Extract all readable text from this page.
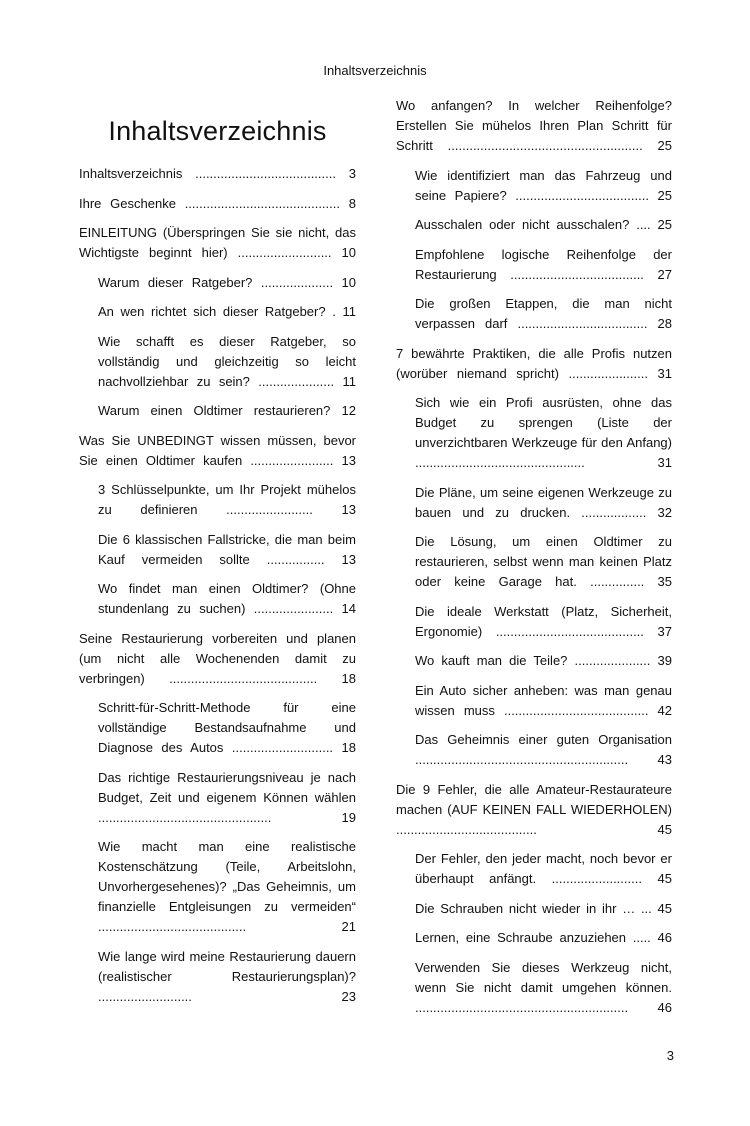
Inhaltsverzeichnis
Inhaltsverzeichnis

Inhaltsverzeichnis ....................................... 3

Ihre Geschenke ........................................... 8

EINLEITUNG (Überspringen Sie sie nicht, das Wichtigste beginnt hier) .......................... 10

Warum dieser Ratgeber? .................... 10

An wen richtet sich dieser Ratgeber? . 11

Wie schafft es dieser Ratgeber, so vollständig und gleichzeitig so leicht nachvollziehbar zu sein? ..................... 11

Warum einen Oldtimer restaurieren? 12

Was Sie UNBEDINGT wissen müssen, bevor Sie einen Oldtimer kaufen ....................... 13

3 Schlüsselpunkte, um Ihr Projekt mühelos zu definieren ........................ 13

Die 6 klassischen Fallstricke, die man beim Kauf vermeiden sollte ................ 13

Wo findet man einen Oldtimer? (Ohne stundenlang zu suchen) ...................... 14

Seine Restaurierung vorbereiten und planen (um nicht alle Wochenenden damit zu verbringen) ......................................... 18

Schritt-für-Schritt-Methode für eine vollständige Bestandsaufnahme und Diagnose des Autos ............................ 18

Das richtige Restaurierungsniveau je nach Budget, Zeit und eigenem Können wählen ................................................ 19

Wie macht man eine realistische Kostenschätzung (Teile, Arbeitslohn, Unvorhergesehenes)? „Das Geheimnis, um finanzielle Entgleisungen zu vermeiden“ ......................................... 21

Wie lange wird meine Restaurierung dauern (realistischer Restaurierungsplan)? .......................... 23

Wo anfangen? In welcher Reihenfolge? Erstellen Sie mühelos Ihren Plan Schritt für Schritt ...................................................... 25

Wie identifiziert man das Fahrzeug und seine Papiere? ..................................... 25

Ausschalen oder nicht ausschalen? .... 25

Empfohlene logische Reihenfolge der Restaurierung ..................................... 27

Die großen Etappen, die man nicht verpassen darf .................................... 28

7 bewährte Praktiken, die alle Profis nutzen (worüber niemand spricht) ...................... 31

Sich wie ein Profi ausrüsten, ohne das Budget zu sprengen (Liste der unverzichtbaren Werkzeuge für den Anfang) ............................................... 31

Die Pläne, um seine eigenen Werkzeuge zu bauen und zu drucken. .................. 32

Die Lösung, um einen Oldtimer zu restaurieren, selbst wenn man keinen Platz oder keine Garage hat. ............... 35

Die ideale Werkstatt (Platz, Sicherheit, Ergonomie) ......................................... 37

Wo kauft man die Teile? ..................... 39

Ein Auto sicher anheben: was man genau wissen muss ........................................ 42

Das Geheimnis einer guten Organisation ........................................................... 43

Die 9 Fehler, die alle Amateur-Restaurateure machen (AUF KEINEN FALL WIEDERHOLEN) ....................................... 45

Der Fehler, den jeder macht, noch bevor er überhaupt anfängt. ......................... 45

Die Schrauben nicht wieder in ihr … ... 45

Lernen, eine Schraube anzuziehen ..... 46

Verwenden Sie dieses Werkzeug nicht, wenn Sie nicht damit umgehen können. ........................................................... 46

3
